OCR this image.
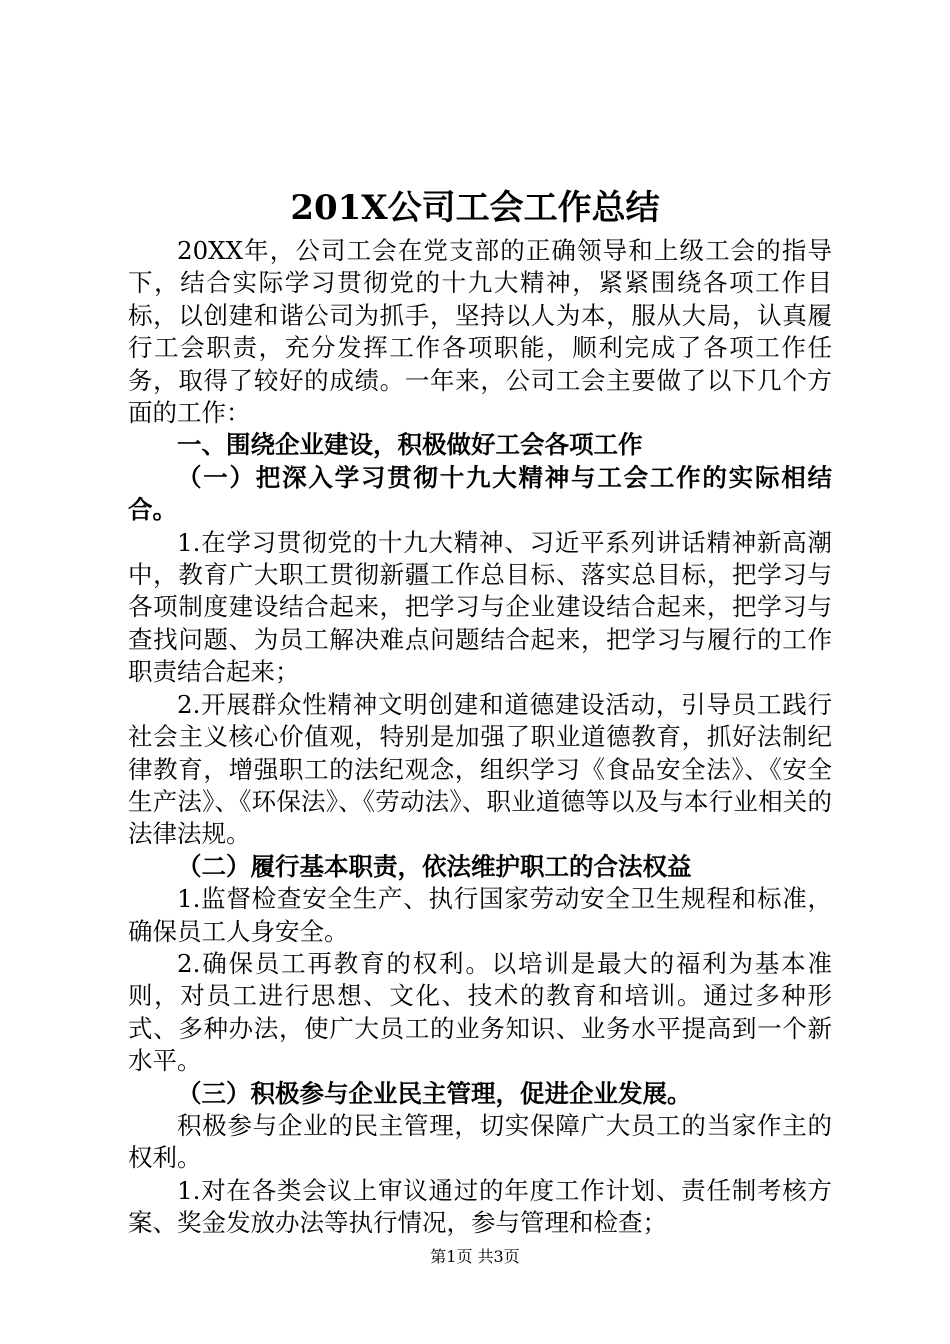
201X公司工会工作总结

20XX年，公司工会在党支部的正确领导和上级工会的指导下，结合实际学习贯彻党的十九大精神，紧紧围绕各项工作目标，以创建和谐公司为抓手，坚持以人为本，服从大局，认真履行工会职责，充分发挥工作各项职能，顺利完成了各项工作任务，取得了较好的成绩。一年来，公司工会主要做了以下几个方面的工作：

一、围绕企业建设，积极做好工会各项工作

（一）把深入学习贯彻十九大精神与工会工作的实际相结合。

1.在学习贯彻党的十九大精神、习近平系列讲话精神新高潮中，教育广大职工贯彻新疆工作总目标、落实总目标，把学习与各项制度建设结合起来，把学习与企业建设结合起来，把学习与查找问题、为员工解决难点问题结合起来，把学习与履行的工作职责结合起来；

2.开展群众性精神文明创建和道德建设活动，引导员工践行社会主义核心价值观，特别是加强了职业道德教育，抓好法制纪律教育，增强职工的法纪观念，组织学习《食品安全法》、《安全生产法》、《环保法》、《劳动法》、职业道德等以及与本行业相关的法律法规。

（二）履行基本职责，依法维护职工的合法权益

1.监督检查安全生产、执行国家劳动安全卫生规程和标准，确保员工人身安全。

2.确保员工再教育的权利。以培训是最大的福利为基本准则，对员工进行思想、文化、技术的教育和培训。通过多种形式、多种办法，使广大员工的业务知识、业务水平提高到一个新水平。

（三）积极参与企业民主管理，促进企业发展。

积极参与企业的民主管理，切实保障广大员工的当家作主的权利。

1.对在各类会议上审议通过的年度工作计划、责任制考核方案、奖金发放办法等执行情况，参与管理和检查；

第1页 共3页
